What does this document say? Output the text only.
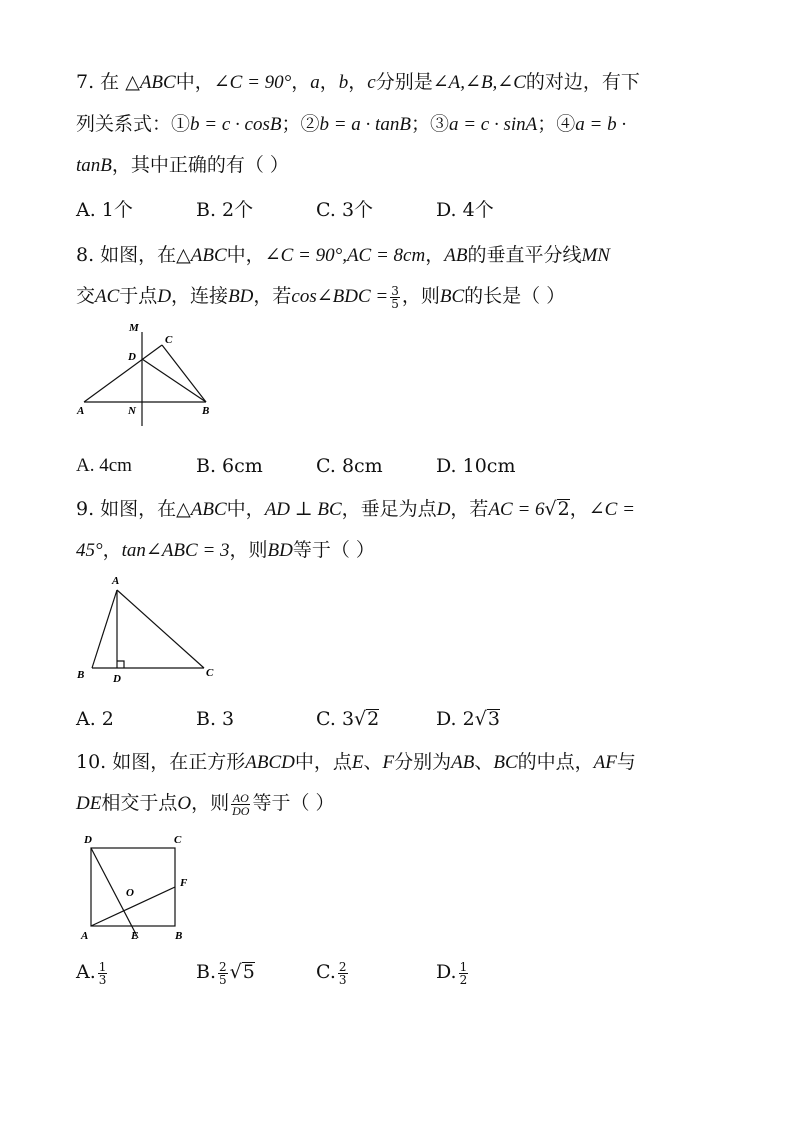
7. 在 △ABC中，∠C = 90°，a，b，c分别是∠A,∠B,∠C的对边，有下
列关系式：①b = c · cosB；②b = a · tanB；③a = c · sinA；④a = b ·
tanB，其中正确的有（ ）
A. 1个	B. 2个	C. 3个	D. 4个
8. 如图，在△ABC中，∠C = 90°,AC = 8cm，AB的垂直平分线MN
交AC于点D，连接BD，若cos∠BDC = $\frac{3}{5}$ ，则BC的长是（ ）
M
C
D
A	N	B
A. 4cm	B. 6cm	C. 8cm	D. 10cm
9. 如图，在△ABC中，AD ⊥ BC，垂足为点D，若AC = 6√2，∠C =
45°，tan∠ABC = 3，则BD等于（ ）
A
B	D	C
A. 2	B. 3	C. 3√2	D. 2√3
10. 如图，在正方形ABCD中，点E、F分别为AB、BC的中点，AF与
DE相交于点O，则 $\frac{AO}{DO}$ 等于（ ）
D	C
O
F
A	E	B
A. $\frac{1}{3}$	B. $\frac{2}{5} √5$	C. $\frac{2}{3}$	D. $\frac{1}{2}$
